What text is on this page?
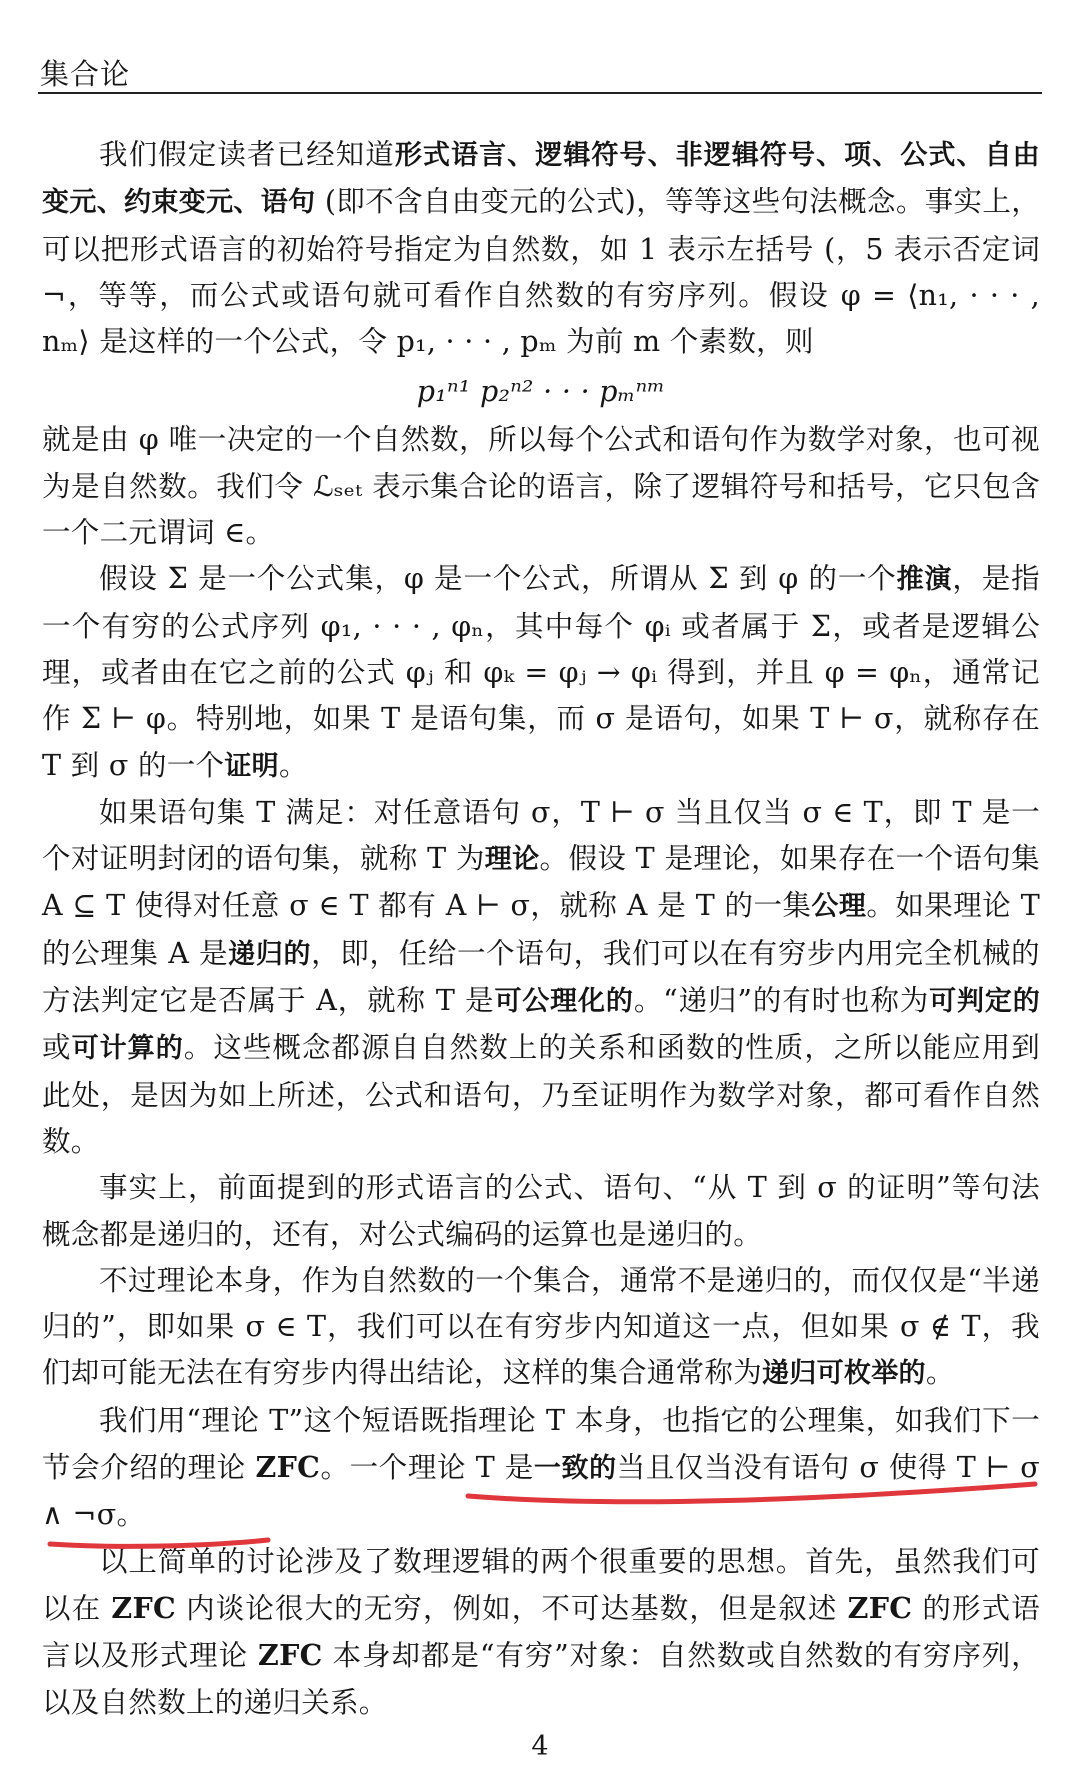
集合论

我们假定读者已经知道形式语言、逻辑符号、非逻辑符号、项、公式、自由变元、约束变元、语句 (即不含自由变元的公式)，等等这些句法概念。事实上，可以把形式语言的初始符号指定为自然数，如 1 表示左括号 (，5 表示否定词 ¬，等等，而公式或语句就可看作自然数的有穷序列。假设 φ = ⟨n₁, · · · , nₘ⟩ 是这样的一个公式，令 p₁, · · · , pₘ 为前 m 个素数，则

p₁ⁿ¹ p₂ⁿ² · · · pₘⁿᵐ

就是由 φ 唯一决定的一个自然数，所以每个公式和语句作为数学对象，也可视为是自然数。我们令 ℒₛₑₜ 表示集合论的语言，除了逻辑符号和括号，它只包含一个二元谓词 ∈。

假设 Σ 是一个公式集，φ 是一个公式，所谓从 Σ 到 φ 的一个推演，是指一个有穷的公式序列 φ₁, · · · , φₙ，其中每个 φᵢ 或者属于 Σ，或者是逻辑公理，或者由在它之前的公式 φⱼ 和 φₖ = φⱼ → φᵢ 得到，并且 φ = φₙ，通常记作 Σ ⊢ φ。特别地，如果 T 是语句集，而 σ 是语句，如果 T ⊢ σ，就称存在 T 到 σ 的一个证明。

如果语句集 T 满足：对任意语句 σ，T ⊢ σ 当且仅当 σ ∈ T，即 T 是一个对证明封闭的语句集，就称 T 为理论。假设 T 是理论，如果存在一个语句集 A ⊆ T 使得对任意 σ ∈ T 都有 A ⊢ σ，就称 A 是 T 的一集公理。如果理论 T 的公理集 A 是递归的，即，任给一个语句，我们可以在有穷步内用完全机械的方法判定它是否属于 A，就称 T 是可公理化的。“递归”的有时也称为可判定的或可计算的。这些概念都源自自然数上的关系和函数的性质，之所以能应用到此处，是因为如上所述，公式和语句，乃至证明作为数学对象，都可看作自然数。

事实上，前面提到的形式语言的公式、语句、“从 T 到 σ 的证明”等句法概念都是递归的，还有，对公式编码的运算也是递归的。

不过理论本身，作为自然数的一个集合，通常不是递归的，而仅仅是“半递归的”，即如果 σ ∈ T，我们可以在有穷步内知道这一点，但如果 σ ∉ T，我们却可能无法在有穷步内得出结论，这样的集合通常称为递归可枚举的。

我们用“理论 T”这个短语既指理论 T 本身，也指它的公理集，如我们下一节会介绍的理论 ZFC。一个理论 T 是一致的当且仅当没有语句 σ 使得 T ⊢ σ ∧ ¬σ。

以上简单的讨论涉及了数理逻辑的两个很重要的思想。首先，虽然我们可以在 ZFC 内谈论很大的无穷，例如，不可达基数，但是叙述 ZFC 的形式语言以及形式理论 ZFC 本身却都是“有穷”对象：自然数或自然数的有穷序列，以及自然数上的递归关系。

4
